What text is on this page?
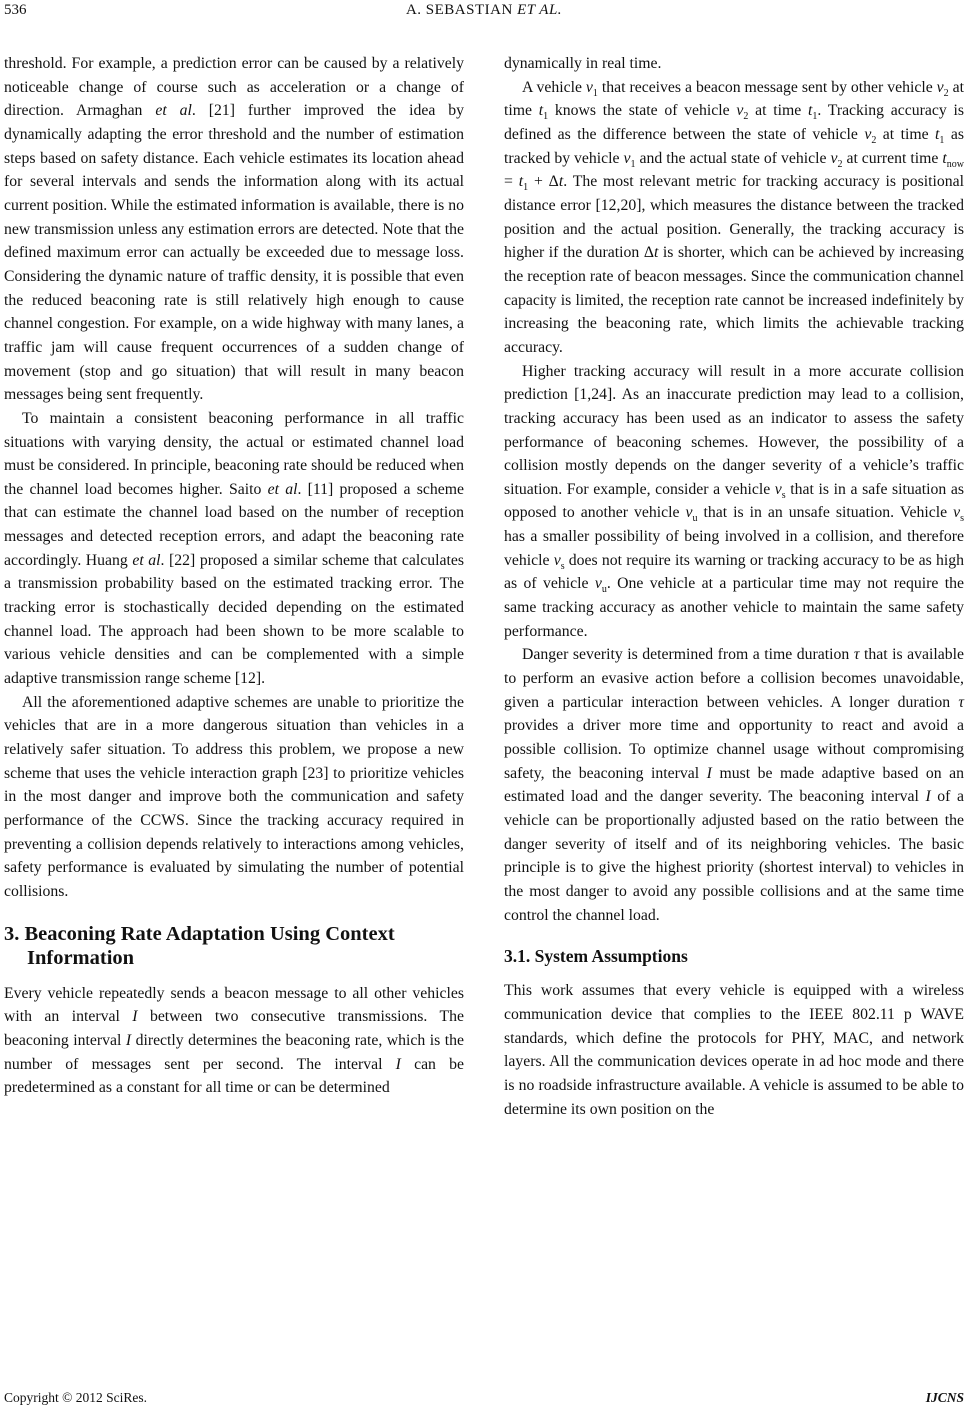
536	A. SEBASTIAN ET AL.

threshold. For example, a prediction error can be caused by a relatively noticeable change of course such as acceleration or a change of direction. Armaghan et al. [21] further improved the idea by dynamically adapting the error threshold and the number of estimation steps based on safety distance. Each vehicle estimates its location ahead for several intervals and sends the information along with its actual current position. While the estimated information is available, there is no new transmission unless any estimation errors are detected. Note that the defined maximum error can actually be exceeded due to message loss. Considering the dynamic nature of traffic density, it is possible that even the reduced beaconing rate is still relatively high enough to cause channel congestion. For example, on a wide highway with many lanes, a traffic jam will cause frequent occurrences of a sudden change of movement (stop and go situation) that will result in many beacon messages being sent frequently.

To maintain a consistent beaconing performance in all traffic situations with varying density, the actual or estimated channel load must be considered. In principle, beaconing rate should be reduced when the channel load becomes higher. Saito et al. [11] proposed a scheme that can estimate the channel load based on the number of reception messages and detected reception errors, and adapt the beaconing rate accordingly. Huang et al. [22] proposed a similar scheme that calculates a transmission probability based on the estimated tracking error. The tracking error is stochastically decided depending on the estimated channel load. The approach had been shown to be more scalable to various vehicle densities and can be complemented with a simple adaptive transmission range scheme [12].

All the aforementioned adaptive schemes are unable to prioritize the vehicles that are in a more dangerous situation than vehicles in a relatively safer situation. To address this problem, we propose a new scheme that uses the vehicle interaction graph [23] to prioritize vehicles in the most danger and improve both the communication and safety performance of the CCWS. Since the tracking accuracy required in preventing a collision depends relatively to interactions among vehicles, safety performance is evaluated by simulating the number of potential collisions.

3. Beaconing Rate Adaptation Using Context Information

Every vehicle repeatedly sends a beacon message to all other vehicles with an interval I between two consecutive transmissions. The beaconing interval I directly determines the beaconing rate, which is the number of messages sent per second. The interval I can be predetermined as a constant for all time or can be determined

dynamically in real time.

A vehicle $v_1$ that receives a beacon message sent by other vehicle $v_2$ at time $t_1$ knows the state of vehicle $v_2$ at time $t_1$. Tracking accuracy is defined as the difference between the state of vehicle $v_2$ at time $t_1$ as tracked by vehicle $v_1$ and the actual state of vehicle $v_2$ at current time $t_{now} = t_1 + \Delta t$. The most relevant metric for tracking accuracy is positional distance error [12,20], which measures the distance between the tracked position and the actual position. Generally, the tracking accuracy is higher if the duration Δt is shorter, which can be achieved by increasing the reception rate of beacon messages. Since the communication channel capacity is limited, the reception rate cannot be increased indefinitely by increasing the beaconing rate, which limits the achievable tracking accuracy.

Higher tracking accuracy will result in a more accurate collision prediction [1,24]. As an inaccurate prediction may lead to a collision, tracking accuracy has been used as an indicator to assess the safety performance of beaconing schemes. However, the possibility of a collision mostly depends on the danger severity of a vehicle’s traffic situation. For example, consider a vehicle $v_s$ that is in a safe situation as opposed to another vehicle $v_u$ that is in an unsafe situation. Vehicle $v_s$ has a smaller possibility of being involved in a collision, and therefore vehicle $v_s$ does not require its warning or tracking accuracy to be as high as of vehicle $v_u$. One vehicle at a particular time may not require the same tracking accuracy as another vehicle to maintain the same safety performance.

Danger severity is determined from a time duration τ that is available to perform an evasive action before a collision becomes unavoidable, given a particular interaction between vehicles. A longer duration τ provides a driver more time and opportunity to react and avoid a possible collision. To optimize channel usage without compromising safety, the beaconing interval I must be made adaptive based on an estimated load and the danger severity. The beaconing interval I of a vehicle can be proportionally adjusted based on the ratio between the danger severity of itself and of its neighboring vehicles. The basic principle is to give the highest priority (shortest interval) to vehicles in the most danger to avoid any possible collisions and at the same time control the channel load.

3.1. System Assumptions

This work assumes that every vehicle is equipped with a wireless communication device that complies to the IEEE 802.11 p WAVE standards, which define the protocols for PHY, MAC, and network layers. All the communication devices operate in ad hoc mode and there is no roadside infrastructure available. A vehicle is assumed to be able to determine its own position on the

Copyright © 2012 SciRes.	IJCNS
